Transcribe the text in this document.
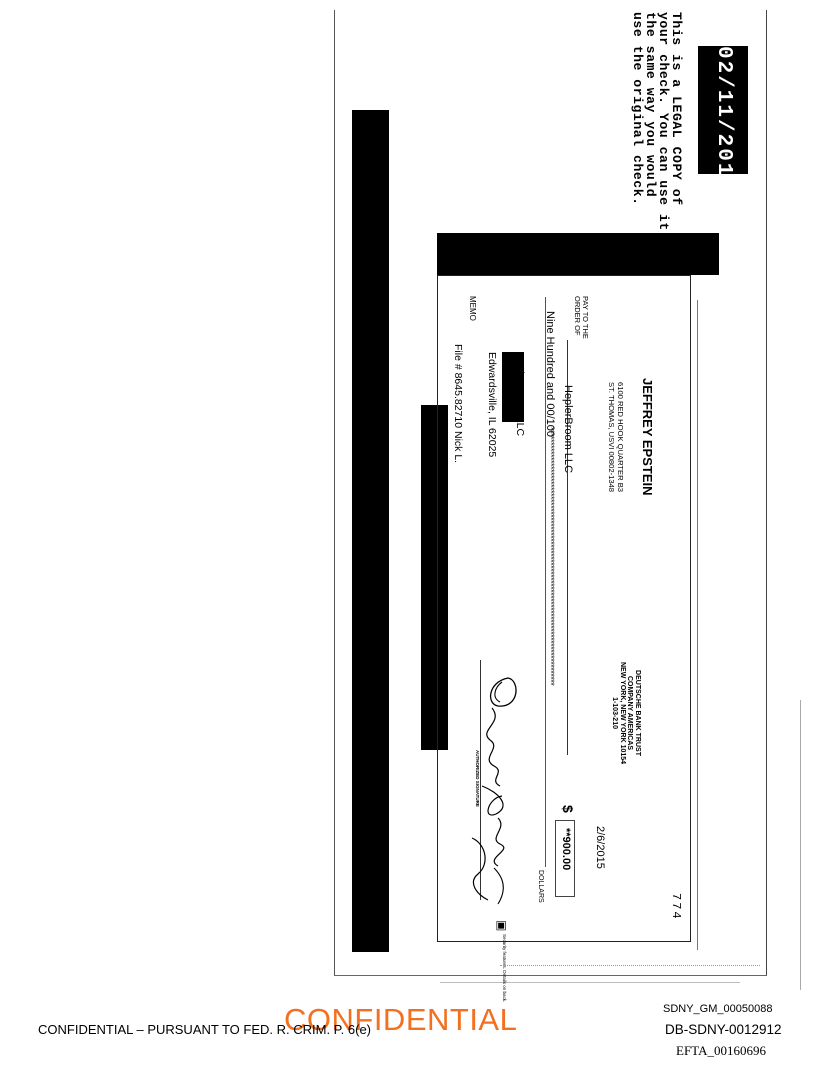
This is a LEGAL COPY of
your check. You can use it
the same way you would
use the original check.	02/11/2015
JEFFREY EPSTEIN
6100 RED HOOK QUARTER B3
ST. THOMAS, USVI 00802-1348
774
DEUTSCHE BANK TRUST
COMPANY AMERICAS
NEW YORK, NEW YORK 10154
1-103-210
2/6/2015
PAY TO THE
ORDER OF
HeplerBroom LLC
$
**900.00
Nine Hundred and 00/100
**************************************************************************************
DOLLARS
HeplerBroom LLC
Edwardsville, IL 62025
MEMO
File # 8645.82710 Nick L.
AUTHORIZED SIGNATURE
▣
Security features. Details on back.
CONFIDENTIAL
CONFIDENTIAL – PURSUANT TO FED. R. CRIM. P. 6(e)
SDNY_GM_00050088
DB-SDNY-0012912
EFTA_00160696
